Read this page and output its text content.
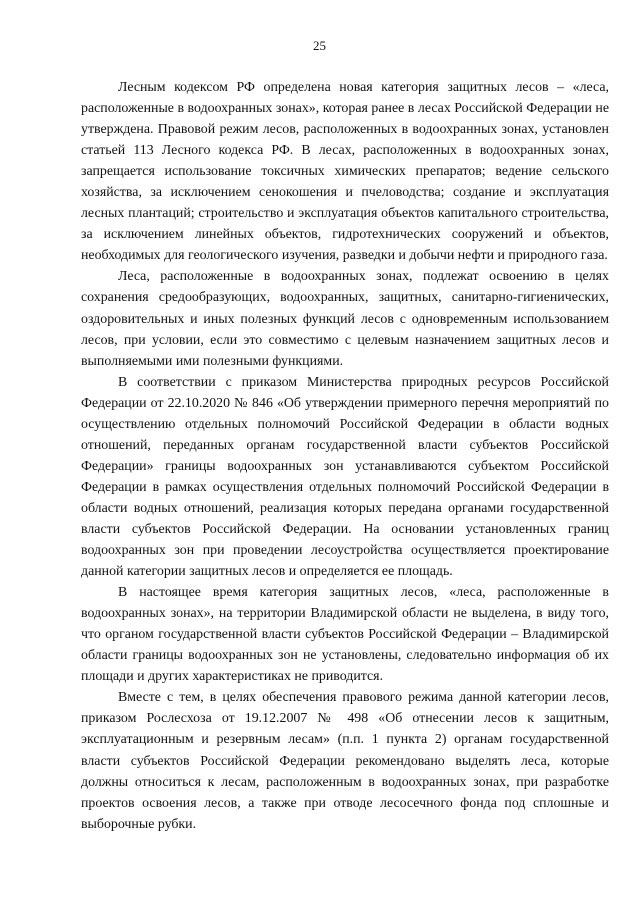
25

Лесным кодексом РФ определена новая категория защитных лесов – «леса, расположенные в водоохранных зонах», которая ранее в лесах Российской Федерации не утверждена. Правовой режим лесов, расположенных в водоохранных зонах, установлен статьей 113 Лесного кодекса РФ. В лесах, расположенных в водоохранных зонах, запрещается использование токсичных химических препаратов; ведение сельского хозяйства, за исключением сенокошения и пчеловодства; создание и эксплуатация лесных плантаций; строительство и эксплуатация объектов капитального строительства, за исключением линейных объектов, гидротехнических сооружений и объектов, необходимых для геологического изучения, разведки и добычи нефти и природного газа.

Леса, расположенные в водоохранных зонах, подлежат освоению в целях сохранения средообразующих, водоохранных, защитных, санитарно-гигиенических, оздоровительных и иных полезных функций лесов с одновременным использованием лесов, при условии, если это совместимо с целевым назначением защитных лесов и выполняемыми ими полезными функциями.

В соответствии с приказом Министерства природных ресурсов Российской Федерации от 22.10.2020 № 846 «Об утверждении примерного перечня мероприятий по осуществлению отдельных полномочий Российской Федерации в области водных отношений, переданных органам государственной власти субъектов Российской Федерации» границы водоохранных зон устанавливаются субъектом Российской Федерации в рамках осуществления отдельных полномочий Российской Федерации в области водных отношений, реализация которых передана органами государственной власти субъектов Российской Федерации. На основании установленных границ водоохранных зон при проведении лесоустройства осуществляется проектирование данной категории защитных лесов и определяется ее площадь.

В настоящее время категория защитных лесов, «леса, расположенные в водоохранных зонах», на территории Владимирской области не выделена, в виду того, что органом государственной власти субъектов Российской Федерации – Владимирской области границы водоохранных зон не установлены, следовательно информация об их площади и других характеристиках не приводится.

Вместе с тем, в целях обеспечения правового режима данной категории лесов, приказом Рослесхоза от 19.12.2007 № 498 «Об отнесении лесов к защитным, эксплуатационным и резервным лесам» (п.п. 1 пункта 2) органам государственной власти субъектов Российской Федерации рекомендовано выделять леса, которые должны относиться к лесам, расположенным в водоохранных зонах, при разработке проектов освоения лесов, а также при отводе лесосечного фонда под сплошные и выборочные рубки.
